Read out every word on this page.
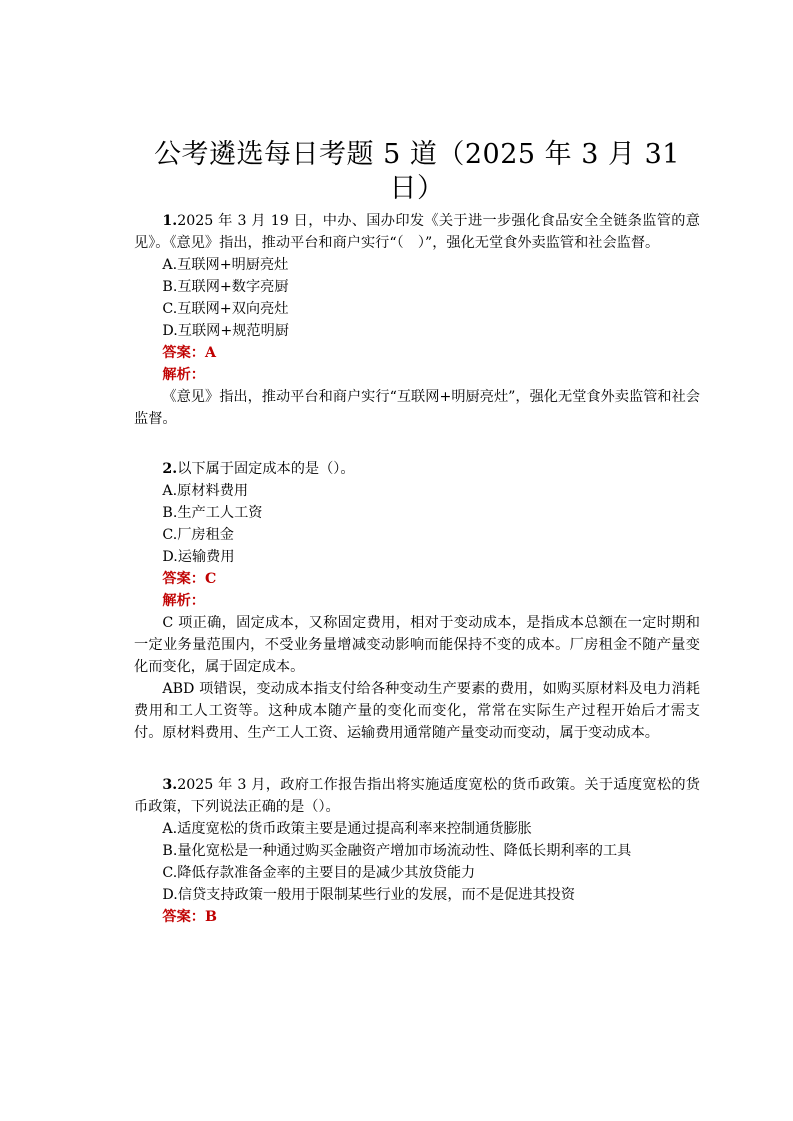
公考遴选每日考题 5 道（2025 年 3 月 31 日）

1.2025 年 3 月 19 日，中办、国办印发《关于进一步强化食品安全全链条监管的意见》。《意见》指出，推动平台和商户实行“（　）”，强化无堂食外卖监管和社会监督。

A.互联网+明厨亮灶

B.互联网+数字亮厨

C.互联网+双向亮灶

D.互联网+规范明厨

答案：A

解析：

《意见》指出，推动平台和商户实行“互联网+明厨亮灶”，强化无堂食外卖监管和社会监督。

2.以下属于固定成本的是（）。

A.原材料费用

B.生产工人工资

C.厂房租金

D.运输费用

答案：C

解析：

C 项正确，固定成本，又称固定费用，相对于变动成本，是指成本总额在一定时期和一定业务量范围内，不受业务量增减变动影响而能保持不变的成本。厂房租金不随产量变化而变化，属于固定成本。

ABD 项错误，变动成本指支付给各种变动生产要素的费用，如购买原材料及电力消耗费用和工人工资等。这种成本随产量的变化而变化，常常在实际生产过程开始后才需支付。原材料费用、生产工人工资、运输费用通常随产量变动而变动，属于变动成本。

3.2025 年 3 月，政府工作报告指出将实施适度宽松的货币政策。关于适度宽松的货币政策，下列说法正确的是（）。

A.适度宽松的货币政策主要是通过提高利率来控制通货膨胀

B.量化宽松是一种通过购买金融资产增加市场流动性、降低长期利率的工具

C.降低存款准备金率的主要目的是减少其放贷能力

D.信贷支持政策一般用于限制某些行业的发展，而不是促进其投资

答案：B
